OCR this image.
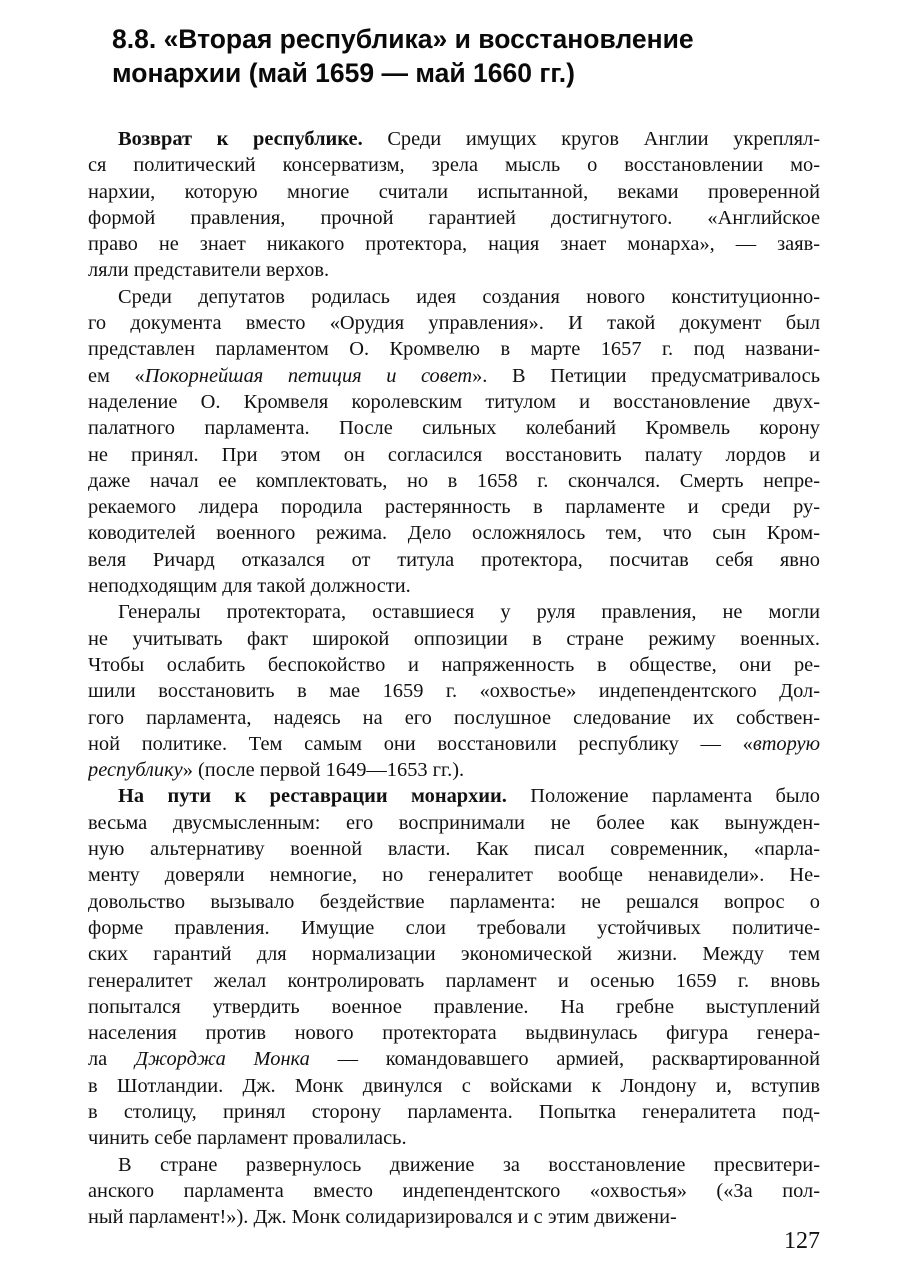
8.8. «Вторая республика» и восстановление
монархии (май 1659 — май 1660 гг.)
Возврат к республике. Среди имущих кругов Англии укреплял-
ся политический консерватизм, зрела мысль о восстановлении мо-
нархии, которую многие считали испытанной, веками проверенной
формой правления, прочной гарантией достигнутого. «Английское
право не знает никакого протектора, нация знает монарха», — заяв-
ляли представители верхов.
Среди депутатов родилась идея создания нового конституционно-
го документа вместо «Орудия управления». И такой документ был
представлен парламентом О. Кромвелю в марте 1657 г. под названи-
ем «Покорнейшая петиция и совет». В Петиции предусматривалось
наделение О. Кромвеля королевским титулом и восстановление двух-
палатного парламента. После сильных колебаний Кромвель корону
не принял. При этом он согласился восстановить палату лордов и
даже начал ее комплектовать, но в 1658 г. скончался. Смерть непре-
рекаемого лидера породила растерянность в парламенте и среди ру-
ководителей военного режима. Дело осложнялось тем, что сын Кром-
веля Ричард отказался от титула протектора, посчитав себя явно
неподходящим для такой должности.
Генералы протектората, оставшиеся у руля правления, не могли
не учитывать факт широкой оппозиции в стране режиму военных.
Чтобы ослабить беспокойство и напряженность в обществе, они ре-
шили восстановить в мае 1659 г. «охвостье» индепендентского Дол-
гого парламента, надеясь на его послушное следование их собствен-
ной политике. Тем самым они восстановили республику — «вторую
республику» (после первой 1649—1653 гг.).
На пути к реставрации монархии. Положение парламента было
весьма двусмысленным: его воспринимали не более как вынужден-
ную альтернативу военной власти. Как писал современник, «парла-
менту доверяли немногие, но генералитет вообще ненавидели». Не-
довольство вызывало бездействие парламента: не решался вопрос о
форме правления. Имущие слои требовали устойчивых политиче-
ских гарантий для нормализации экономической жизни. Между тем
генералитет желал контролировать парламент и осенью 1659 г. вновь
попытался утвердить военное правление. На гребне выступлений
населения против нового протектората выдвинулась фигура генера-
ла Джорджа Монка — командовавшего армией, расквартированной
в Шотландии. Дж. Монк двинулся с войсками к Лондону и, вступив
в столицу, принял сторону парламента. Попытка генералитета под-
чинить себе парламент провалилась.
В стране развернулось движение за восстановление пресвитери-
анского парламента вместо индепендентского «охвостья» («За пол-
ный парламент!»). Дж. Монк солидаризировался и с этим движени-
127
